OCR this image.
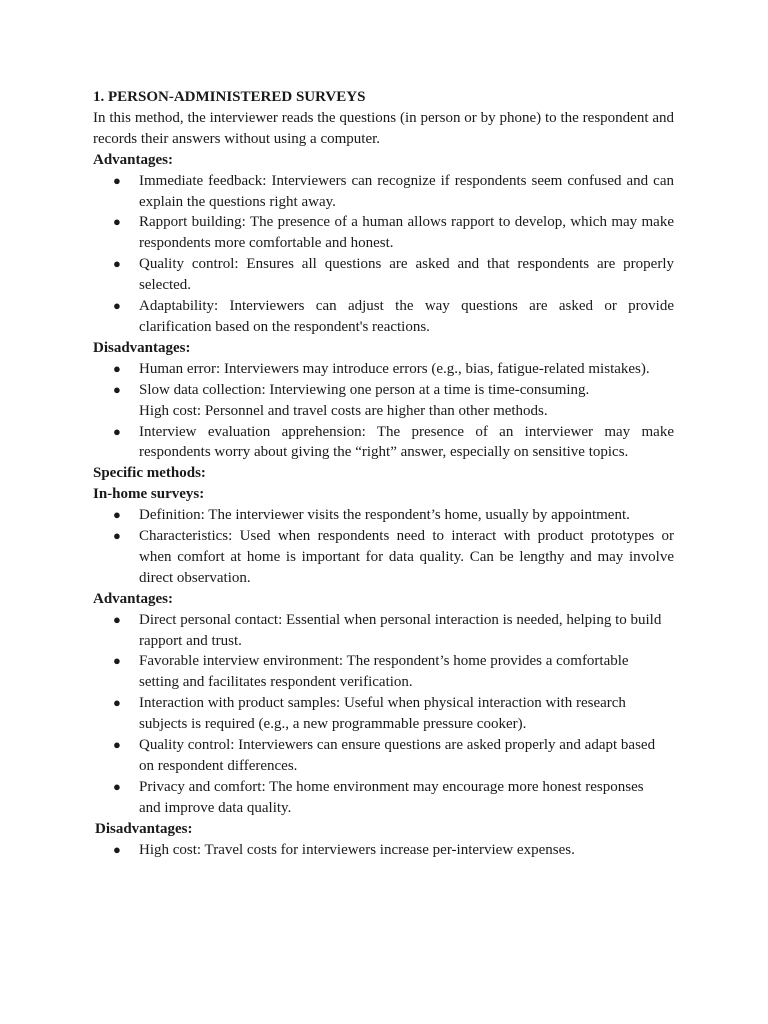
1. PERSON-ADMINISTERED SURVEYS

In this method, the interviewer reads the questions (in person or by phone) to the respondent and records their answers without using a computer.

Advantages:

● Immediate feedback: Interviewers can recognize if respondents seem confused and can explain the questions right away.
● Rapport building: The presence of a human allows rapport to develop, which may make respondents more comfortable and honest.
● Quality control: Ensures all questions are asked and that respondents are properly selected.
● Adaptability: Interviewers can adjust the way questions are asked or provide clarification based on the respondent's reactions.

Disadvantages:

● Human error: Interviewers may introduce errors (e.g., bias, fatigue-related mistakes).
● Slow data collection: Interviewing one person at a time is time-consuming.
High cost: Personnel and travel costs are higher than other methods.
● Interview evaluation apprehension: The presence of an interviewer may make respondents worry about giving the “right” answer, especially on sensitive topics.

Specific methods:

In-home surveys:

● Definition: The interviewer visits the respondent’s home, usually by appointment.
● Characteristics: Used when respondents need to interact with product prototypes or when comfort at home is important for data quality. Can be lengthy and may involve direct observation.

Advantages:

● Direct personal contact: Essential when personal interaction is needed, helping to build rapport and trust.
● Favorable interview environment: The respondent’s home provides a comfortable setting and facilitates respondent verification.
● Interaction with product samples: Useful when physical interaction with research subjects is required (e.g., a new programmable pressure cooker).
● Quality control: Interviewers can ensure questions are asked properly and adapt based on respondent differences.
● Privacy and comfort: The home environment may encourage more honest responses and improve data quality.

Disadvantages:

● High cost: Travel costs for interviewers increase per-interview expenses.
